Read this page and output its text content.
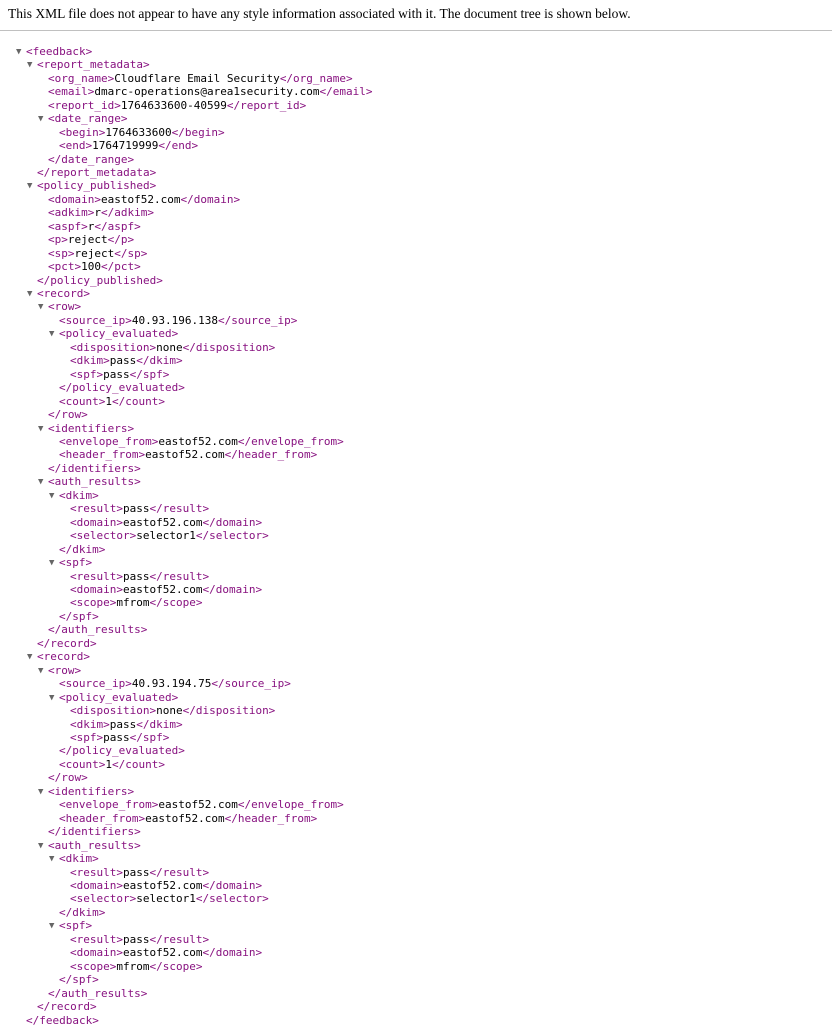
This XML file does not appear to have any style information associated with it. The document tree is shown below.
▼ <feedback>
▼ <report_metadata>
<org_name>Cloudflare Email Security</org_name>
<email>dmarc-operations@area1security.com</email>
<report_id>1764633600-40599</report_id>
▼ <date_range>
<begin>1764633600</begin>
<end>1764719999</end>
</date_range>
</report_metadata>
▼ <policy_published>
<domain>eastof52.com</domain>
<adkim>r</adkim>
<aspf>r</aspf>
<p>reject</p>
<sp>reject</sp>
<pct>100</pct>
</policy_published>
▼ <record>
▼ <row>
<source_ip>40.93.196.138</source_ip>
▼ <policy_evaluated>
<disposition>none</disposition>
<dkim>pass</dkim>
<spf>pass</spf>
</policy_evaluated>
<count>1</count>
</row>
▼ <identifiers>
<envelope_from>eastof52.com</envelope_from>
<header_from>eastof52.com</header_from>
</identifiers>
▼ <auth_results>
▼ <dkim>
<result>pass</result>
<domain>eastof52.com</domain>
<selector>selector1</selector>
</dkim>
▼ <spf>
<result>pass</result>
<domain>eastof52.com</domain>
<scope>mfrom</scope>
</spf>
</auth_results>
</record>
▼ <record>
▼ <row>
<source_ip>40.93.194.75</source_ip>
▼ <policy_evaluated>
<disposition>none</disposition>
<dkim>pass</dkim>
<spf>pass</spf>
</policy_evaluated>
<count>1</count>
</row>
▼ <identifiers>
<envelope_from>eastof52.com</envelope_from>
<header_from>eastof52.com</header_from>
</identifiers>
▼ <auth_results>
▼ <dkim>
<result>pass</result>
<domain>eastof52.com</domain>
<selector>selector1</selector>
</dkim>
▼ <spf>
<result>pass</result>
<domain>eastof52.com</domain>
<scope>mfrom</scope>
</spf>
</auth_results>
</record>
</feedback>
